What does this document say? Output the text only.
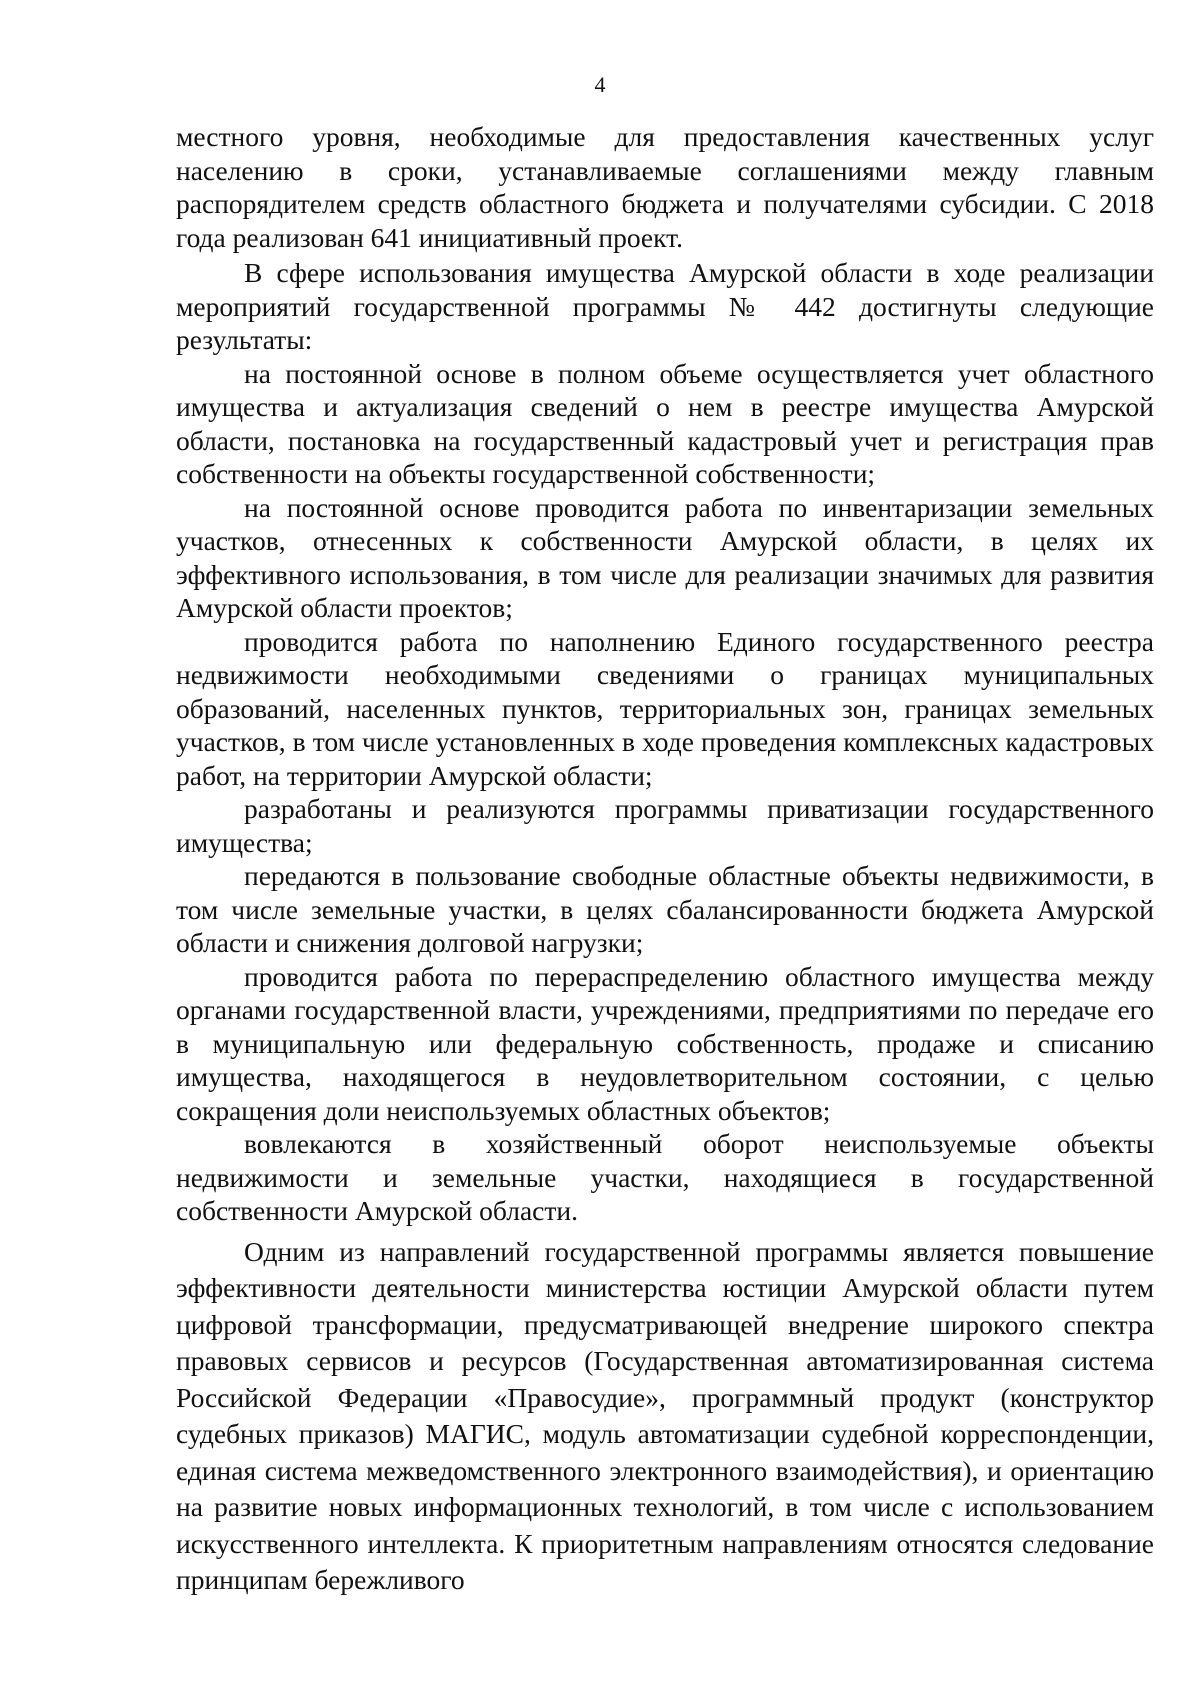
4

местного уровня, необходимые для предоставления качественных услуг населению в сроки, устанавливаемые соглашениями между главным распорядителем средств областного бюджета и получателями субсидии. С 2018 года реализован 641 инициативный проект.

В сфере использования имущества Амурской области в ходе реализации мероприятий государственной программы № 442 достигнуты следующие результаты:

на постоянной основе в полном объеме осуществляется учет областного имущества и актуализация сведений о нем в реестре имущества Амурской области, постановка на государственный кадастровый учет и регистрация прав собственности на объекты государственной собственности;

на постоянной основе проводится работа по инвентаризации земельных участков, отнесенных к собственности Амурской области, в целях их эффективного использования, в том числе для реализации значимых для развития Амурской области проектов;

проводится работа по наполнению Единого государственного реестра недвижимости необходимыми сведениями о границах муниципальных образований, населенных пунктов, территориальных зон, границах земельных участков, в том числе установленных в ходе проведения комплексных кадастровых работ, на территории Амурской области;

разработаны и реализуются программы приватизации государственного имущества;

передаются в пользование свободные областные объекты недвижимости, в том числе земельные участки, в целях сбалансированности бюджета Амурской области и снижения долговой нагрузки;

проводится работа по перераспределению областного имущества между органами государственной власти, учреждениями, предприятиями по передаче его в муниципальную или федеральную собственность, продаже и списанию имущества, находящегося в неудовлетворительном состоянии, с целью сокращения доли неиспользуемых областных объектов;

вовлекаются в хозяйственный оборот неиспользуемые объекты недвижимости и земельные участки, находящиеся в государственной собственности Амурской области.

Одним из направлений государственной программы является повышение эффективности деятельности министерства юстиции Амурской области путем цифровой трансформации, предусматривающей внедрение широкого спектра правовых сервисов и ресурсов (Государственная автоматизированная система Российской Федерации «Правосудие», программный продукт (конструктор судебных приказов) МАГИС, модуль автоматизации судебной корреспонденции, единая система межведомственного электронного взаимодействия), и ориентацию на развитие новых информационных технологий, в том числе с использованием искусственного интеллекта. К приоритетным направлениям относятся следование принципам бережливого
